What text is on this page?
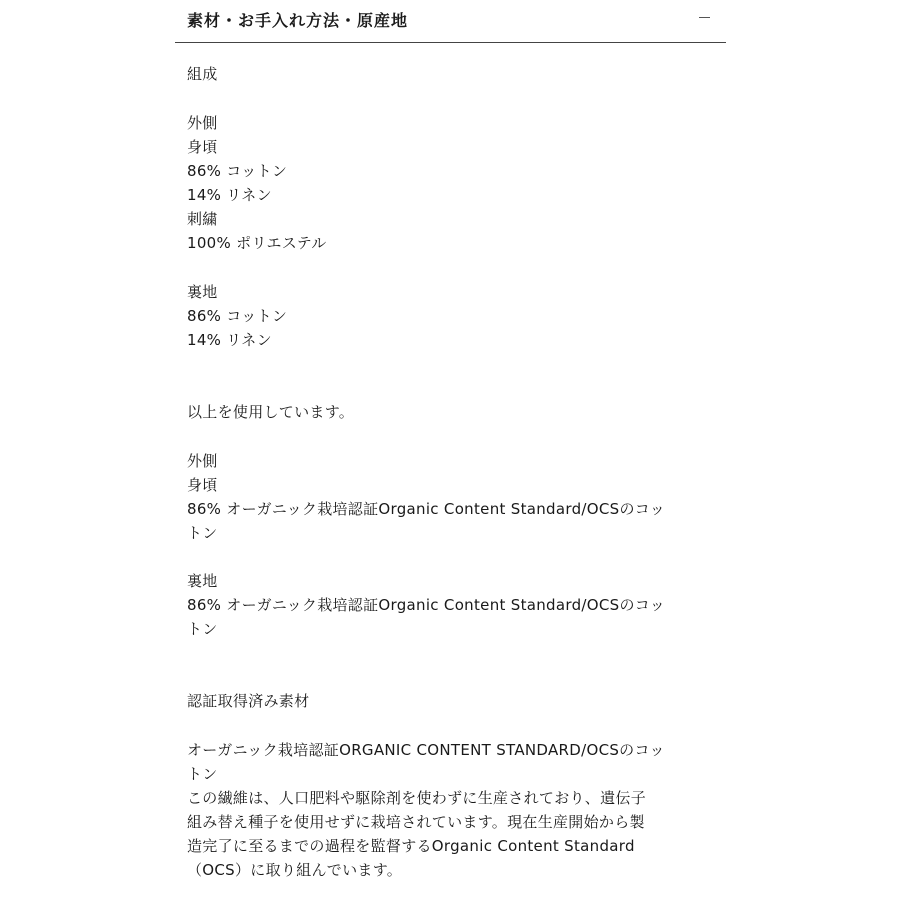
素材・お手入れ方法・原産地
組成
外側
身頃
86% コットン
14% リネン
刺繍
100% ポリエステル
裏地
86% コットン
14% リネン
以上を使用しています。
外側
身頃
86% オーガニック栽培認証Organic Content Standard/OCSのコッ
トン
裏地
86% オーガニック栽培認証Organic Content Standard/OCSのコッ
トン
認証取得済み素材
オーガニック栽培認証ORGANIC CONTENT STANDARD/OCSのコッ
トン
この繊維は、人口肥料や駆除剤を使わずに生産されており、遺伝子
組み替え種子を使用せずに栽培されています。現在生産開始から製
造完了に至るまでの過程を監督するOrganic Content Standard
（OCS）に取り組んでいます。
